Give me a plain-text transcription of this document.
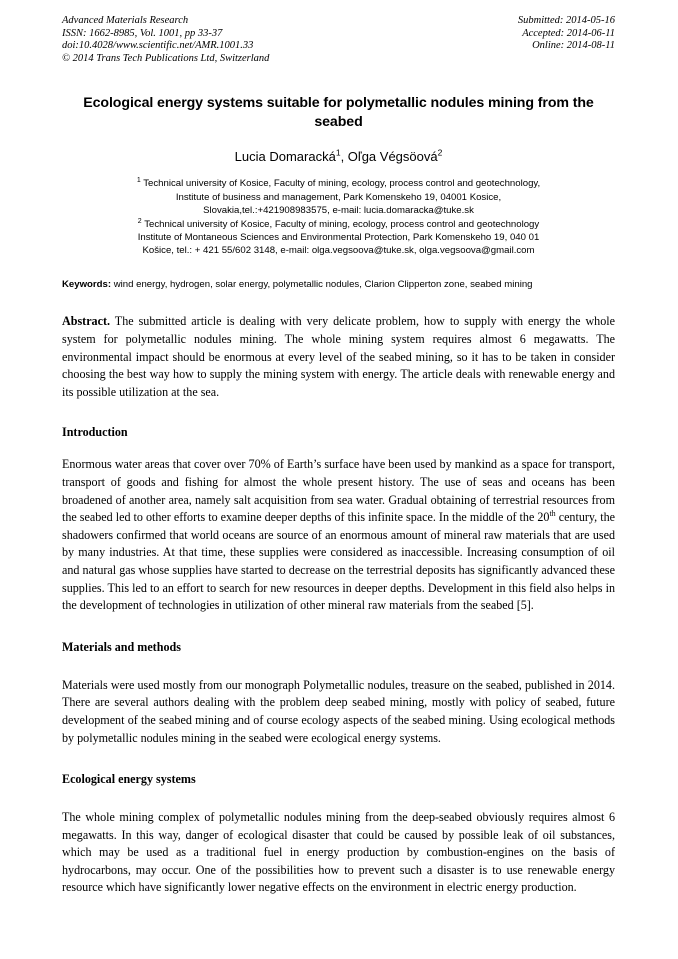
Advanced Materials Research
ISSN: 1662-8985, Vol. 1001, pp 33-37
doi:10.4028/www.scientific.net/AMR.1001.33
© 2014 Trans Tech Publications Ltd, Switzerland
Submitted: 2014-05-16
Accepted: 2014-06-11
Online: 2014-08-11
Ecological energy systems suitable for polymetallic nodules mining from the seabed
Lucia Domaracká$^1$, Oľga Végsöová$^2$
$^1$ Technical university of Kosice, Faculty of mining, ecology, process control and geotechnology,
Institute of business and management, Park Komenskeho 19, 04001 Kosice,
Slovakia,tel.:+421908983575, e-mail: lucia.domaracka@tuke.sk
$^2$ Technical university of Kosice, Faculty of mining, ecology, process control and geotechnology
Institute of Montaneous Sciences and Environmental Protection, Park Komenskeho 19, 040 01
Košice, tel.: + 421 55/602 3148, e-mail: olga.vegsoova@tuke.sk, olga.vegsoova@gmail.com
Keywords: wind energy, hydrogen, solar energy, polymetallic nodules, Clarion Clipperton zone, seabed mining
Abstract. The submitted article is dealing with very delicate problem, how to supply with energy the whole system for polymetallic nodules mining. The whole mining system requires almost 6 megawatts. The environmental impact should be enormous at every level of the seabed mining, so it has to be taken in consider choosing the best way how to supply the mining system with energy. The article deals with renewable energy and its possible utilization at the sea.
Introduction
Enormous water areas that cover over 70% of Earth’s surface have been used by mankind as a space for transport, transport of goods and fishing for almost the whole present history. The use of seas and oceans has been broadened of another area, namely salt acquisition from sea water. Gradual obtaining of terrestrial resources from the seabed led to other efforts to examine deeper depths of this infinite space. In the middle of the 20th century, the shadowers confirmed that world oceans are source of an enormous amount of mineral raw materials that are used by many industries. At that time, these supplies were considered as inaccessible. Increasing consumption of oil and natural gas whose supplies have started to decrease on the terrestrial deposits has significantly advanced these supplies. This led to an effort to search for new resources in deeper depths. Development in this field also helps in the development of technologies in utilization of other mineral raw materials from the seabed [5].
Materials and methods
Materials were used mostly from our monograph Polymetallic nodules, treasure on the seabed, published in 2014. There are several authors dealing with the problem deep seabed mining, mostly with policy of seabed, future development of the seabed mining and of course ecology aspects of the seabed mining. Using ecological methods by polymetallic nodules mining in the seabed were ecological energy systems.
Ecological energy systems
The whole mining complex of polymetallic nodules mining from the deep-seabed obviously requires almost 6 megawatts. In this way, danger of ecological disaster that could be caused by possible leak of oil substances, which may be used as a traditional fuel in energy production by combustion-engines on the basis of hydrocarbons, may occur. One of the possibilities how to prevent such a disaster is to use renewable energy resource which have significantly lower negative effects on the environment in electric energy production.
